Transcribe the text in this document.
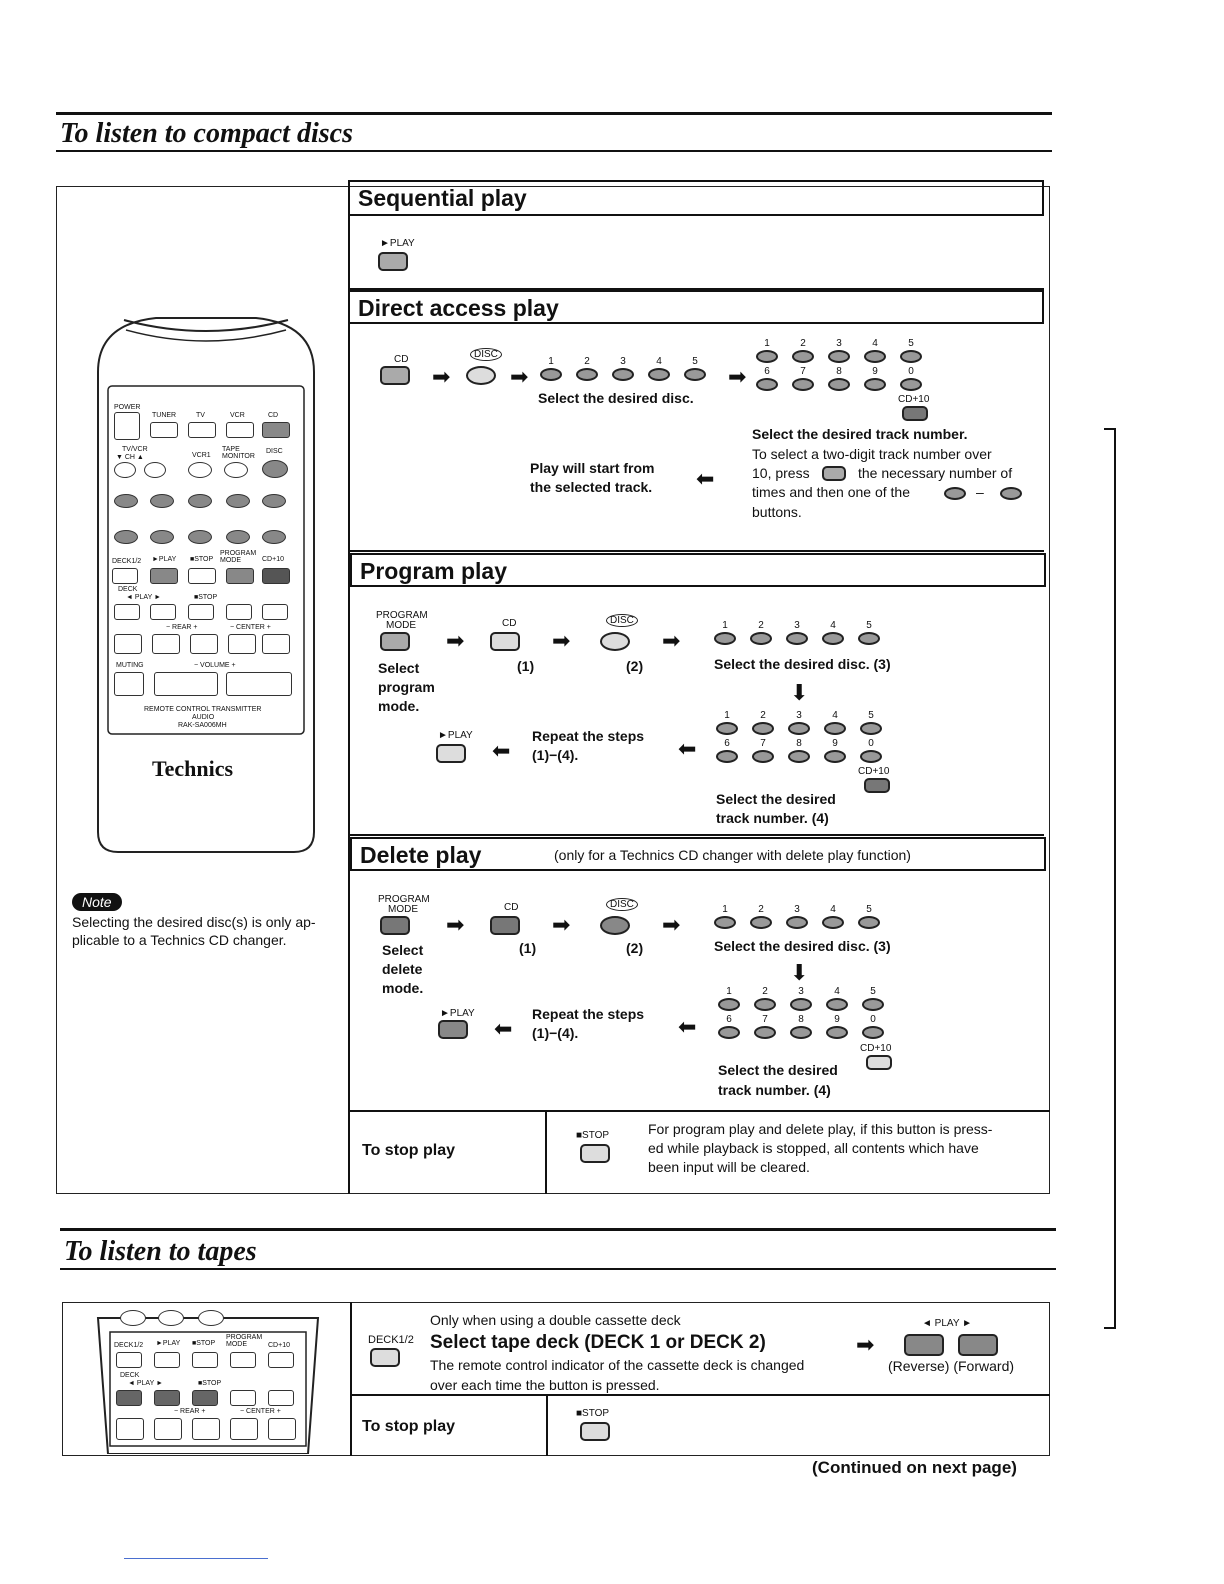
To listen to compact discs
POWER
TUNER	TV	VCR	CD
TV/VCR
▼ CH ▲	VCR1
TAPE MONITOR
DISC
DECK1/2 ►PLAY ■STOP
PROGRAM MODE	CD+10
DECK
◄ PLAY ►	■STOP
− REAR +	− CENTER +
MUTING	− VOLUME +
REMOTE CONTROL TRANSMITTER
AUDIO
RAK-SA006MH
Technics
Note
Selecting the desired disc(s) is only ap-
plicable to a Technics CD changer.
Sequential play
►PLAY
Direct access play
CD
➡
DISC
➡
1	2	3	4	5
Select the desired disc.
➡
1	2	3	4	5
6	7	8	9	0
CD+10
Select the desired track number.
To select a two-digit track number over
10, press	the necessary number of
times and then one of the	–
buttons.
Play will start from
the selected track. ⬅
Program play
PROGRAM
MODE
➡
CD
➡
DISC
➡
1	2	3	4	5
Select
program
mode.
(1)	(2)	Select the desired disc. (3)
⬇
1	2	3	4	5
6	7	8	9	0
CD+10
►PLAY
⬅
Repeat the steps
(1)−(4).	⬅
Select the desired
track number. (4)
Delete play	(only for a Technics CD changer with delete play function)
PROGRAM
MODE
➡
CD
➡
DISC
➡
1	2	3	4	5
Select
delete
mode.
(1)	(2)	Select the desired disc. (3)
⬇
1	2	3	4	5
6	7	8	9	0
CD+10
►PLAY
⬅
Repeat the steps
(1)−(4).	⬅
Select the desired
track number. (4)
To stop play
■STOP	For program play and delete play, if this button is press-
ed while playback is stopped, all contents which have
been input will be cleared.
To listen to tapes
DECK1/2 ►PLAY ■STOP
PROGRAM MODE	CD+10
DECK
◄ PLAY ►	■STOP
− REAR +	− CENTER +
DECK1/2
Only when using a double cassette deck
Select tape deck (DECK 1 or DECK 2)
The remote control indicator of the cassette deck is changed
over each time the button is pressed.
➡
◄ PLAY ►
(Reverse) (Forward)
To stop play
■STOP
(Continued on next page)
